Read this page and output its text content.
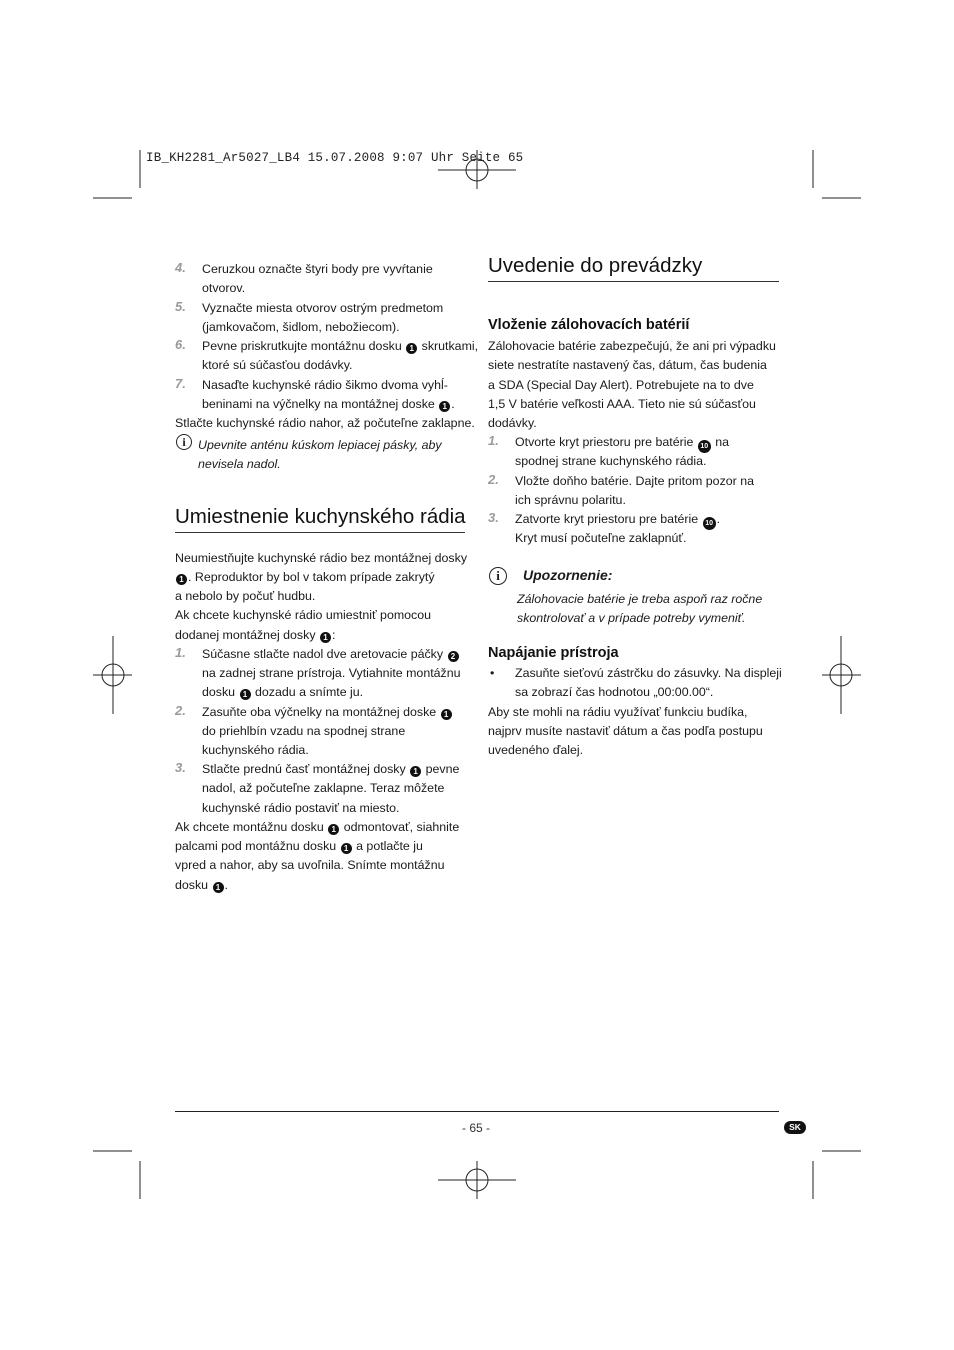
IB_KH2281_Ar5027_LB4 15.07.2008 9:07 Uhr Seite 65
4. Ceruzkou označte štyri body pre vyvŕtanie
otvorov.
5. Vyznačte miesta otvorov ostrým predmetom
(jamkovačom, šidlom, nebožiecom).
6. Pevne priskrutkujte montážnu dosku 1 skrutkami,
ktoré sú súčasťou dodávky.
7. Nasaďte kuchynské rádio šikmo dvoma vyhĺ-
beninami na výčnelky na montážnej doske 1 .
Stlačte kuchynské rádio nahor, až počuteľne zaklapne.
i Upevnite anténu kúskom lepiacej pásky, aby
nevisela nadol.
Umiestnenie kuchynského rádia
Neumiestňujte kuchynské rádio bez montážnej dosky
1 . Reproduktor by bol v takom prípade zakrytý
a nebolo by počuť hudbu.
Ak chcete kuchynské rádio umiestniť pomocou
dodanej montážnej dosky 1 :
1. Súčasne stlačte nadol dve aretovacie páčky 2
na zadnej strane prístroja. Vytiahnite montážnu
dosku 1 dozadu a snímte ju.
2. Zasuňte oba výčnelky na montážnej doske 1
do priehlbín vzadu na spodnej strane
kuchynského rádia.
3. Stlačte prednú časť montážnej dosky 1 pevne
nadol, až počuteľne zaklapne. Teraz môžete
kuchynské rádio postaviť na miesto.
Ak chcete montážnu dosku 1 odmontovať, siahnite
palcami pod montážnu dosku 1 a potlačte ju
vpred a nahor, aby sa uvoľnila. Snímte montážnu
dosku 1 .
Uvedenie do prevádzky
Vloženie zálohovacích batérií
Zálohovacie batérie zabezpečujú, že ani pri výpadku
siete nestratíte nastavený čas, dátum, čas budenia
a SDA (Special Day Alert). Potrebujete na to dve
1,5 V batérie veľkosti AAA. Tieto nie sú súčasťou
dodávky.
1. Otvorte kryt priestoru pre batérie 10 na
spodnej strane kuchynského rádia.
2. Vložte doňho batérie. Dajte pritom pozor na
ich správnu polaritu.
3. Zatvorte kryt priestoru pre batérie 10 .
Kryt musí počuteľne zaklapnúť.
i	Upozornenie:
Zálohovacie batérie je treba aspoň raz ročne
skontrolovať a v prípade potreby vymeniť.
Napájanie prístroja
• Zasuňte sieťovú zástrčku do zásuvky. Na displeji
sa zobrazí čas hodnotou „00:00.00“.
Aby ste mohli na rádiu využívať funkciu budíka,
najprv musíte nastaviť dátum a čas podľa postupu
uvedeného ďalej.
- 65 -	SK
